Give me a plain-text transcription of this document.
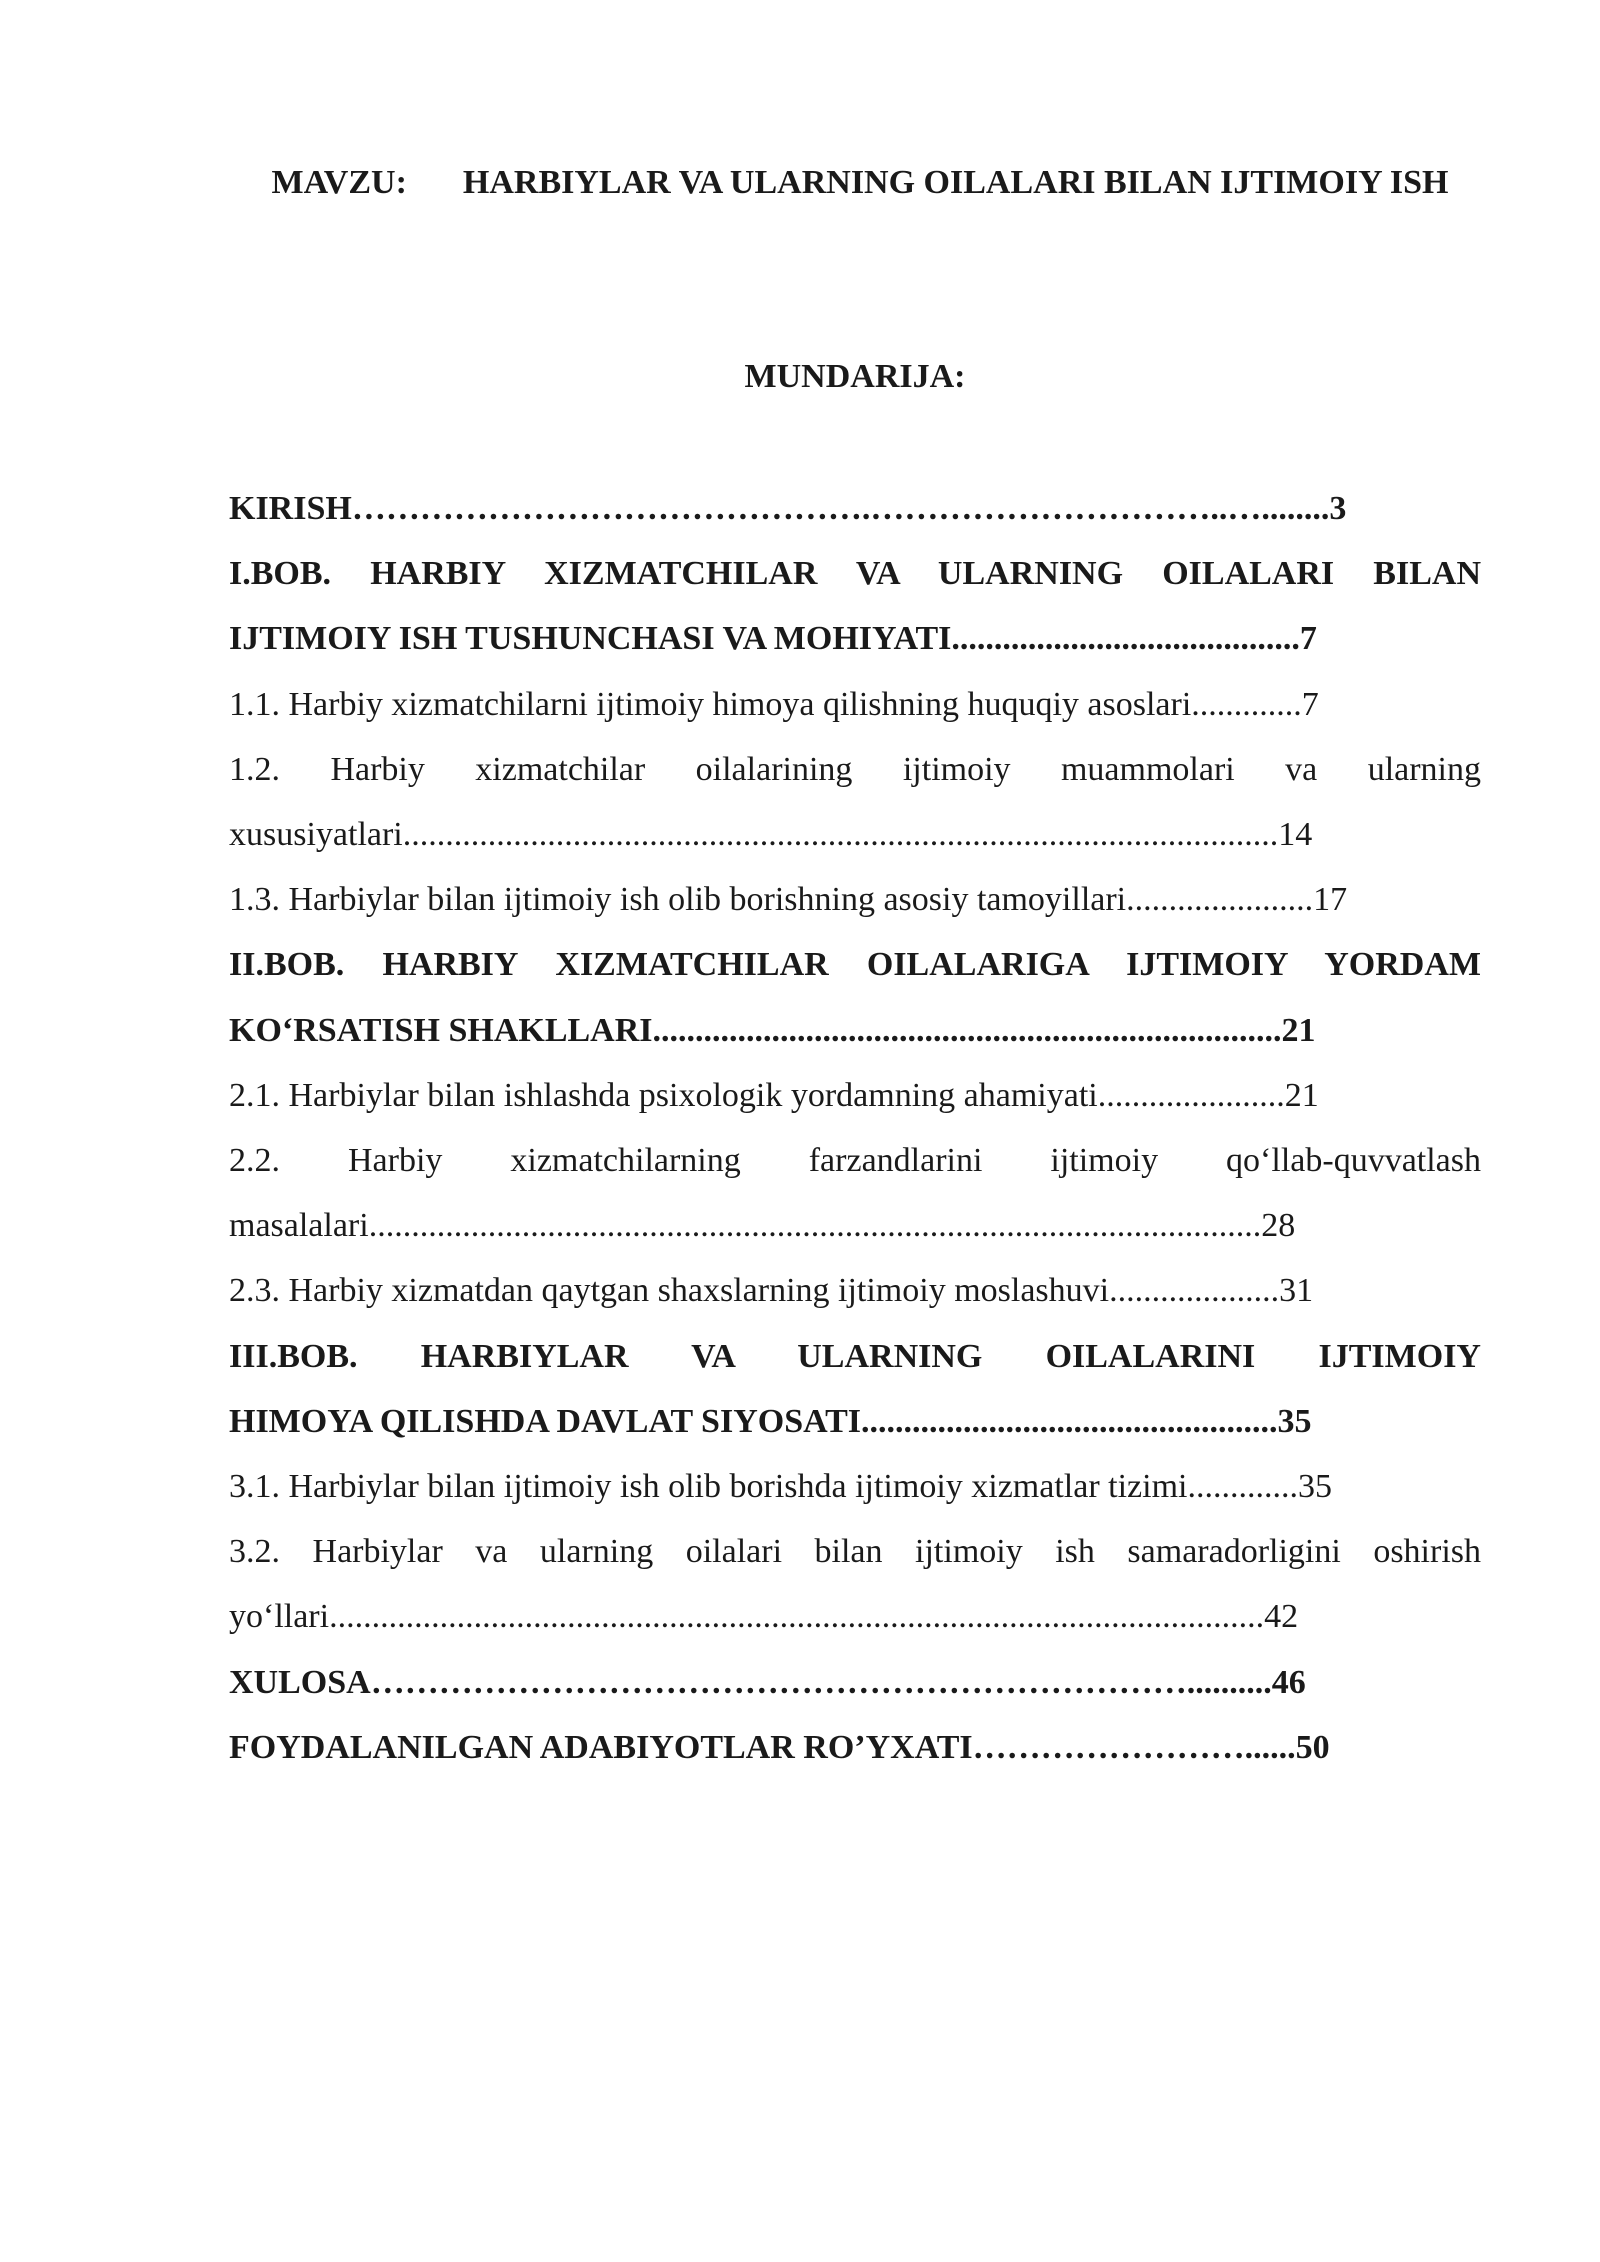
MAVZU: HARBIYLAR VA ULARNING OILALARI BILAN IJTIMOIY ISH

MUNDARIJA:

KIRISH……………………………………….…………………………..…........3

I.BOB. HARBIY XIZMATCHILAR VA ULARNING OILALARI BILAN

IJTIMOIY ISH TUSHUNCHASI VA MOHIYATI.........................................7

1.1. Harbiy xizmatchilarni ijtimoiy himoya qilishning huquqiy asoslari.............7

1.2. Harbiy xizmatchilar oilalarining ijtimoiy muammolari va ularning

xususiyatlari.......................................................................................................14

1.3. Harbiylar bilan ijtimoiy ish olib borishning asosiy tamoyillari......................17

II.BOB. HARBIY XIZMATCHILAR OILALARIGA IJTIMOIY YORDAM

KO‘RSATISH SHAKLLARI..........................................................................21

2.1. Harbiylar bilan ishlashda psixologik yordamning ahamiyati......................21

2.2. Harbiy xizmatchilarning farzandlarini ijtimoiy qo‘llab-quvvatlash

masalalari.........................................................................................................28

2.3. Harbiy xizmatdan qaytgan shaxslarning ijtimoiy moslashuvi....................31

III.BOB. HARBIYLAR VA ULARNING OILALARINI IJTIMOIY

HIMOYA QILISHDA DAVLAT SIYOSATI.................................................35

3.1. Harbiylar bilan ijtimoiy ish olib borishda ijtimoiy xizmatlar tizimi.............35

3.2. Harbiylar va ularning oilalari bilan ijtimoiy ish samaradorligini oshirish

yo‘llari..............................................................................................................42

XULOSA………………………………………………………………..........46

FOYDALANILGAN ADABIYOTLAR RO’YXATI……………………......50
